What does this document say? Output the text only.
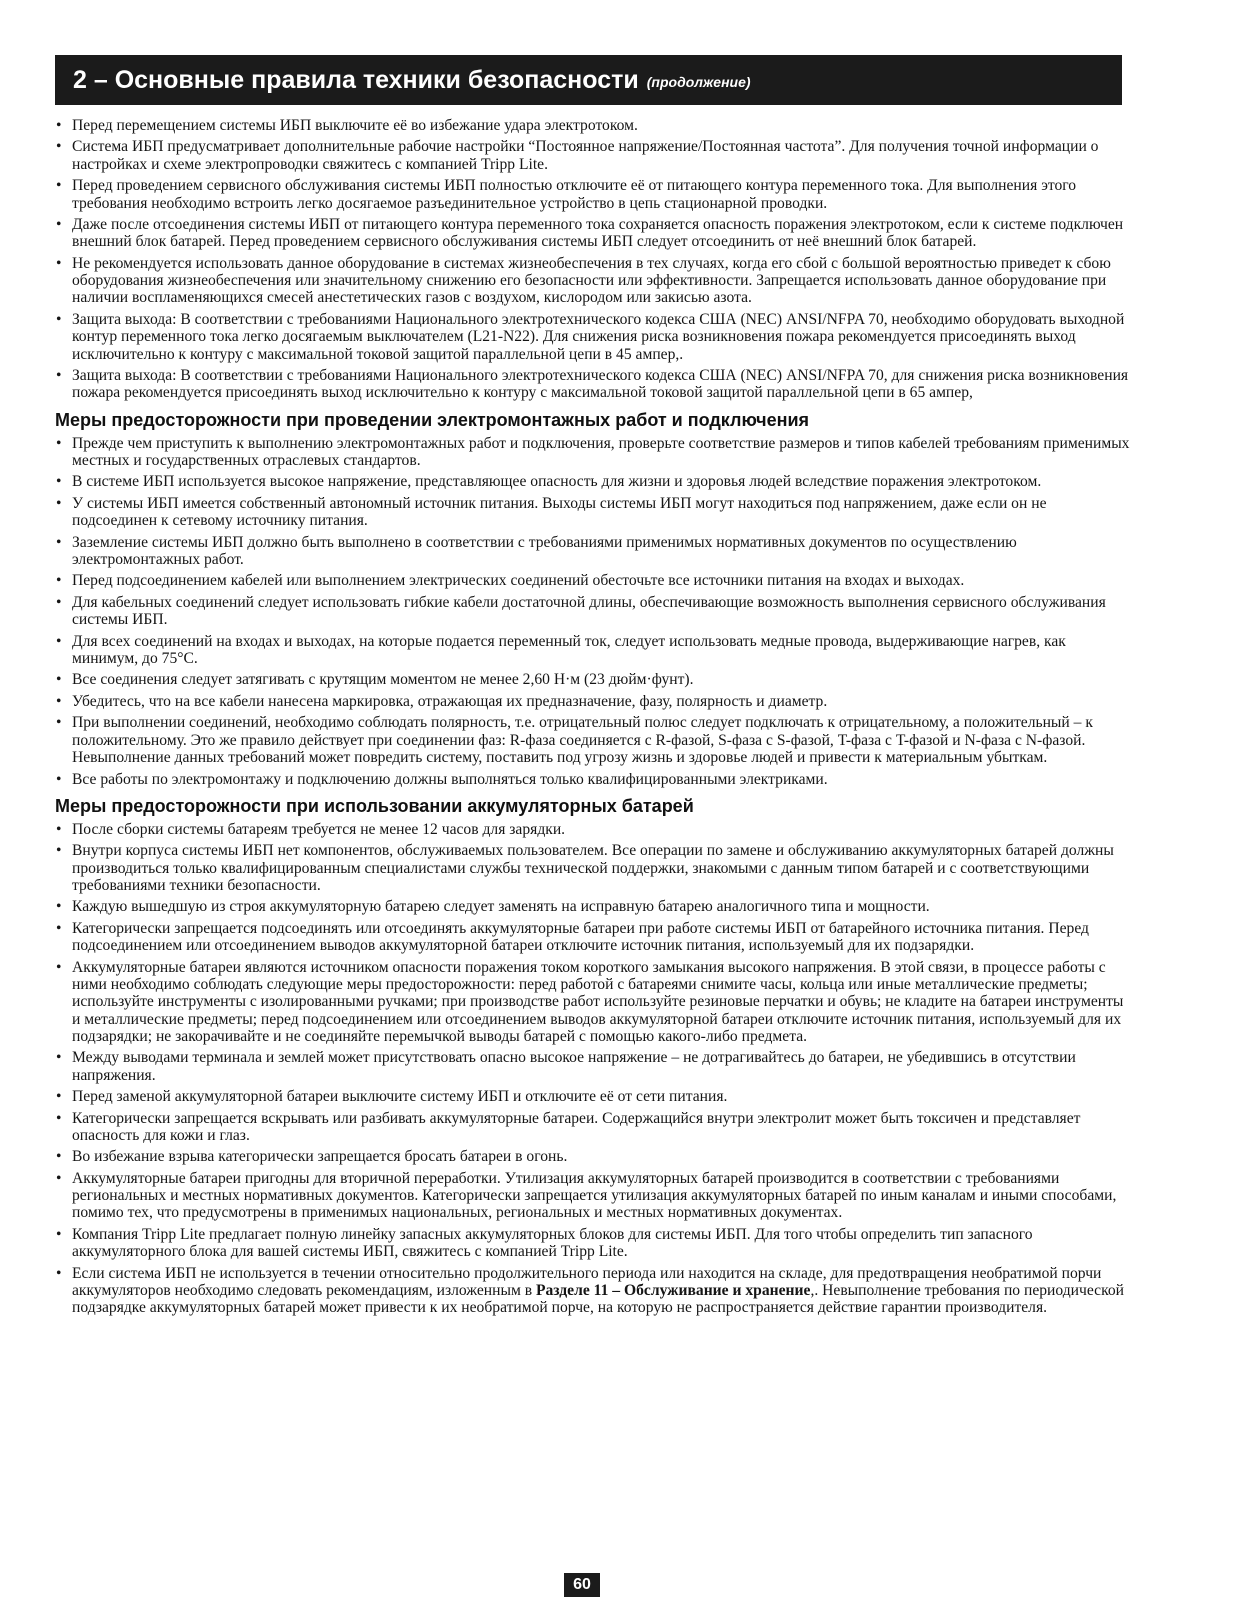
2 – Основные правила техники безопасности (продолжение)
• Перед перемещением системы ИБП выключите её во избежание удара электротоком.
• Система ИБП предусматривает дополнительные рабочие настройки “Постоянное напряжение/Постоянная частота”. Для получения точной информации о настройках и схеме электропроводки свяжитесь с компанией Tripp Lite.
• Перед проведением сервисного обслуживания системы ИБП полностью отключите её от питающего контура переменного тока. Для выполнения этого требования необходимо встроить легко досягаемое разъединительное устройство в цепь стационарной проводки.
• Даже после отсоединения системы ИБП от питающего контура переменного тока сохраняется опасность поражения электротоком, если к системе подключен внешний блок батарей. Перед проведением сервисного обслуживания системы ИБП следует отсоединить от неё внешний блок батарей.
• Не рекомендуется использовать данное оборудование в системах жизнеобеспечения в тех случаях, когда его сбой с большой вероятностью приведет к сбою оборудования жизнеобеспечения или значительному снижению его безопасности или эффективности. Запрещается использовать данное оборудование при наличии воспламеняющихся смесей анестетических газов с воздухом, кислородом или закисью азота.
• Защита выхода: В соответствии с требованиями Национального электротехнического кодекса США (NEC) ANSI/NFPA 70, необходимо оборудовать выходной контур переменного тока легко досягаемым выключателем (L21-N22). Для снижения риска возникновения пожара рекомендуется присоединять выход исключительно к контуру с максимальной токовой защитой параллельной цепи в 45 ампер,.
• Защита выхода: В соответствии с требованиями Национального электротехнического кодекса США (NEC) ANSI/NFPA 70, для снижения риска возникновения пожара рекомендуется присоединять выход исключительно к контуру с максимальной токовой защитой параллельной цепи в 65 ампер,
Меры предосторожности при проведении электромонтажных работ и подключения
• Прежде чем приступить к выполнению электромонтажных работ и подключения, проверьте соответствие размеров и типов кабелей требованиям применимых местных и государственных отраслевых стандартов.
• В системе ИБП используется высокое напряжение, представляющее опасность для жизни и здоровья людей вследствие поражения электротоком.
• У системы ИБП имеется собственный автономный источник питания. Выходы системы ИБП могут находиться под напряжением, даже если он не подсоединен к сетевому источнику питания.
• Заземление системы ИБП должно быть выполнено в соответствии с требованиями применимых нормативных документов по осуществлению электромонтажных работ.
• Перед подсоединением кабелей или выполнением электрических соединений обесточьте все источники питания на входах и выходах.
• Для кабельных соединений следует использовать гибкие кабели достаточной длины, обеспечивающие возможность выполнения сервисного обслуживания системы ИБП.
• Для всех соединений на входах и выходах, на которые подается переменный ток, следует использовать медные провода, выдерживающие нагрев, как минимум, до 75°C.
• Все соединения следует затягивать с крутящим моментом не менее 2,60 Н·м (23 дюйм·фунт).
• Убедитесь, что на все кабели нанесена маркировка, отражающая их предназначение, фазу, полярность и диаметр.
• При выполнении соединений, необходимо соблюдать полярность, т.е. отрицательный полюс следует подключать к отрицательному, а положительный – к положительному. Это же правило действует при соединении фаз: R-фаза соединяется с R-фазой, S-фаза с S-фазой, T-фаза с T-фазой и N-фаза с N-фазой. Невыполнение данных требований может повредить систему, поставить под угрозу жизнь и здоровье людей и привести к материальным убыткам.
• Все работы по электромонтажу и подключению должны выполняться только квалифицированными электриками.
Меры предосторожности при использовании аккумуляторных батарей
• После сборки системы батареям требуется не менее 12 часов для зарядки.
• Внутри корпуса системы ИБП нет компонентов, обслуживаемых пользователем. Все операции по замене и обслуживанию аккумуляторных батарей должны производиться только квалифицированным специалистами службы технической поддержки, знакомыми с данным типом батарей и с соответствующими требованиями техники безопасности.
• Каждую вышедшую из строя аккумуляторную батарею следует заменять на исправную батарею аналогичного типа и мощности.
• Категорически запрещается подсоединять или отсоединять аккумуляторные батареи при работе системы ИБП от батарейного источника питания. Перед подсоединением или отсоединением выводов аккумуляторной батареи отключите источник питания, используемый для их подзарядки.
• Аккумуляторные батареи являются источником опасности поражения током короткого замыкания высокого напряжения. В этой связи, в процессе работы с ними необходимо соблюдать следующие меры предосторожности: перед работой с батареями снимите часы, кольца или иные металлические предметы; используйте инструменты с изолированными ручками; при производстве работ используйте резиновые перчатки и обувь; не кладите на батареи инструменты и металлические предметы; перед подсоединением или отсоединением выводов аккумуляторной батареи отключите источник питания, используемый для их подзарядки; не закорачивайте и не соединяйте перемычкой выводы батарей с помощью какого-либо предмета.
• Между выводами терминала и землей может присутствовать опасно высокое напряжение – не дотрагивайтесь до батареи, не убедившись в отсутствии напряжения.
• Перед заменой аккумуляторной батареи выключите систему ИБП и отключите её от сети питания.
• Категорически запрещается вскрывать или разбивать аккумуляторные батареи. Содержащийся внутри электролит может быть токсичен и представляет опасность для кожи и глаз.
• Во избежание взрыва категорически запрещается бросать батареи в огонь.
• Аккумуляторные батареи пригодны для вторичной переработки. Утилизация аккумуляторных батарей производится в соответствии с требованиями региональных и местных нормативных документов. Категорически запрещается утилизация аккумуляторных батарей по иным каналам и иными способами, помимо тех, что предусмотрены в применимых национальных, региональных и местных нормативных документах.
• Компания Tripp Lite предлагает полную линейку запасных аккумуляторных блоков для системы ИБП. Для того чтобы определить тип запасного аккумуляторного блока для вашей системы ИБП, свяжитесь с компанией Tripp Lite.
• Если система ИБП не используется в течении относительно продолжительного периода или находится на складе, для предотвращения необратимой порчи аккумуляторов необходимо следовать рекомендациям, изложенным в Разделе 11 – Обслуживание и хранение,. Невыполнение требования по периодической подзарядке аккумуляторных батарей может привести к их необратимой порче, на которую не распространяется действие гарантии производителя.
60
